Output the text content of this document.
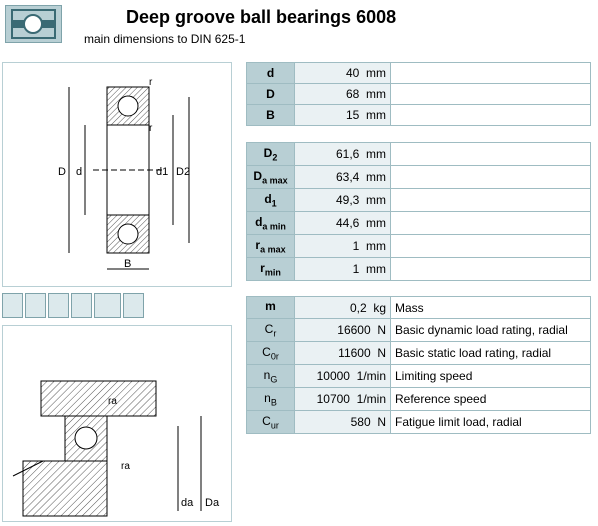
Deep groove ball bearings 6008
main dimensions to DIN 625-1
D d	d1 D2
r
r
B
ra
ra
da Da
d	40 mm	
D	68 mm	
B	15 mm	
$D_2$	61,6 mm	
$D_{a max}$	63,4 mm	
$d_1$	49,3 mm	
$d_{a min}$	44,6 mm	
$r_{a max}$	1 mm	
$r_{min}$	1 mm	
m	0,2 kg	Mass
$C_r$	16600 N	Basic dynamic load rating, radial
$C_{0r}$	11600 N	Basic static load rating, radial
$n_G$	10000 1/min	Limiting speed
$n_B$	10700 1/min	Reference speed
$C_{ur}$	580 N	Fatigue limit load, radial
